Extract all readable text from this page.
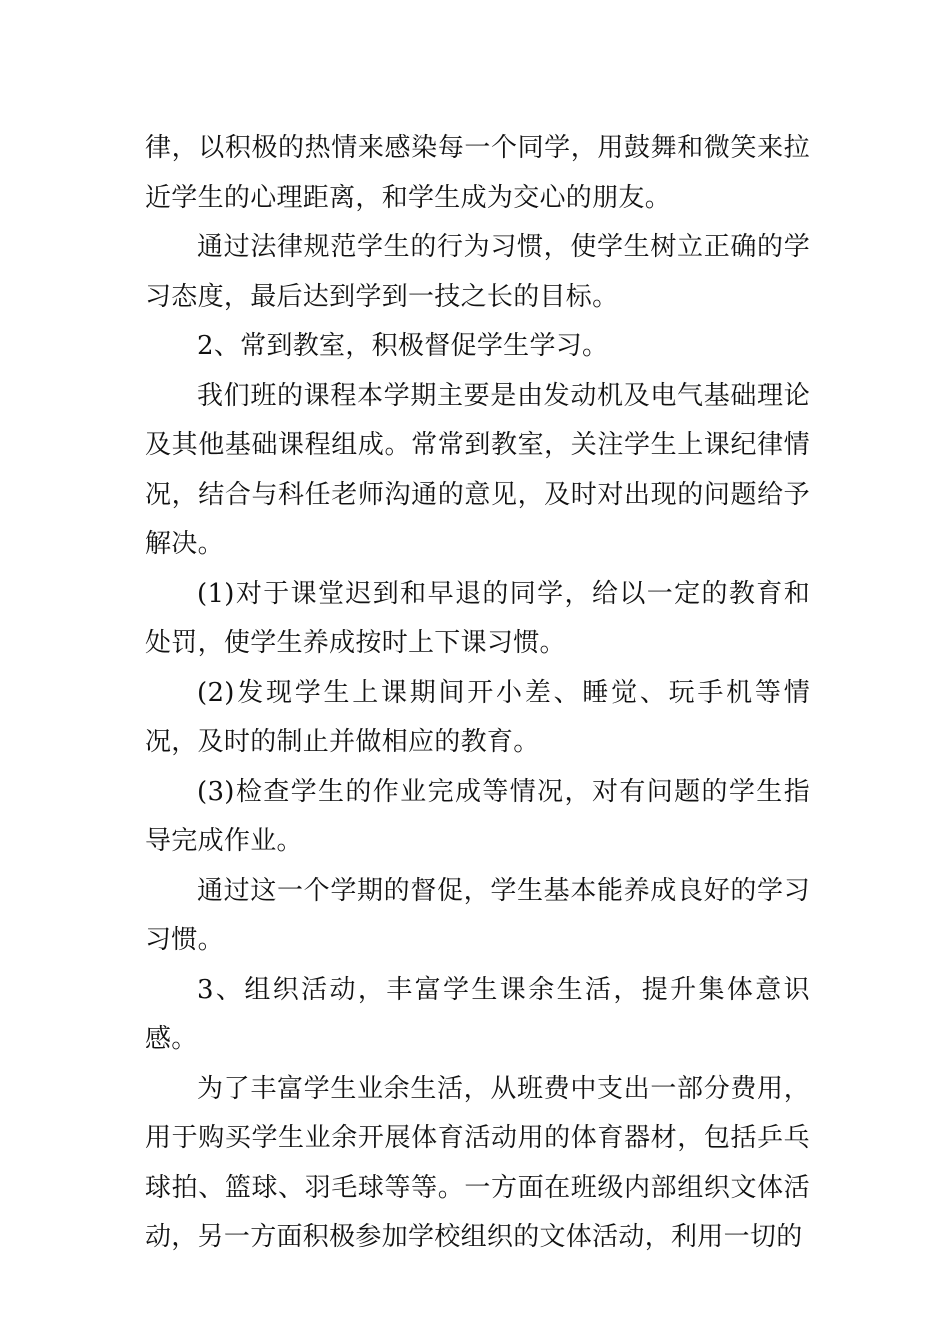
律，以积极的热情来感染每一个同学，用鼓舞和微笑来拉近学生的心理距离，和学生成为交心的朋友。

通过法律规范学生的行为习惯，使学生树立正确的学习态度，最后达到学到一技之长的目标。

2、常到教室，积极督促学生学习。

我们班的课程本学期主要是由发动机及电气基础理论及其他基础课程组成。常常到教室，关注学生上课纪律情况，结合与科任老师沟通的意见，及时对出现的问题给予解决。

(1)对于课堂迟到和早退的同学，给以一定的教育和处罚，使学生养成按时上下课习惯。

(2)发现学生上课期间开小差、睡觉、玩手机等情况，及时的制止并做相应的教育。

(3)检查学生的作业完成等情况，对有问题的学生指导完成作业。

通过这一个学期的督促，学生基本能养成良好的学习习惯。

3、组织活动，丰富学生课余生活，提升集体意识感。

为了丰富学生业余生活，从班费中支出一部分费用，用于购买学生业余开展体育活动用的体育器材，包括乒乓球拍、篮球、羽毛球等等。一方面在班级内部组织文体活动，另一方面积极参加学校组织的文体活动，利用一切的
